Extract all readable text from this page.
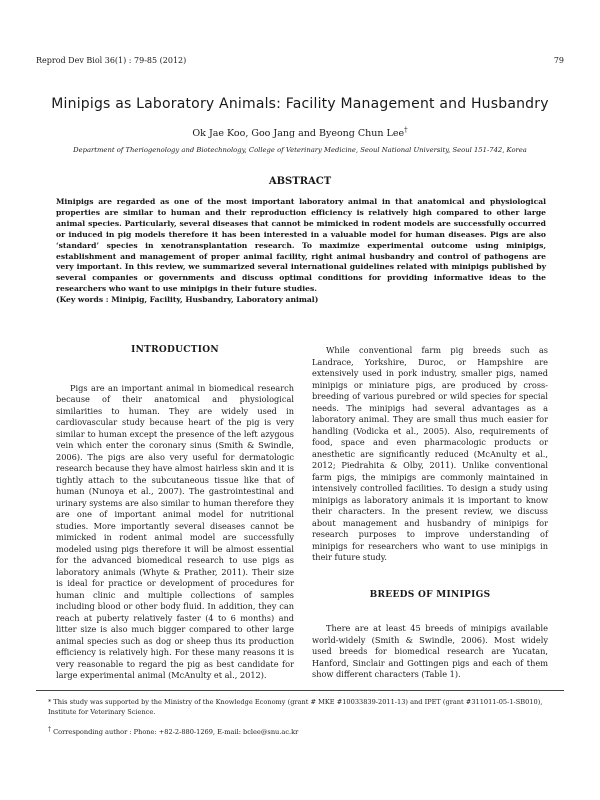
Reprod Dev Biol 36(1) : 79-85 (2012)	79
Minipigs as Laboratory Animals: Facility Management and Husbandry
Ok Jae Koo, Goo Jang and Byeong Chun Lee†
Department of Theriogenology and Biotechnology, College of Veterinary Medicine, Seoul National University, Seoul 151-742, Korea
ABSTRACT
Minipigs are regarded as one of the most important laboratory animal in that anatomical and physiological properties are similar to human and their reproduction efficiency is relatively high compared to other large animal species. Particularly, several diseases that cannot be mimicked in rodent models are successfully occurred or induced in pig models therefore it has been interested in a valuable model for human diseases. Pigs are also ‘standard’ species in xenotransplantation research. To maximize experimental outcome using minipigs, establishment and management of proper animal facility, right animal husbandry and control of pathogens are very important. In this review, we summarized several international guidelines related with minipigs published by several companies or governments and discuss optimal conditions for providing informative ideas to the researchers who want to use minipigs in their future studies.
(Key words : Minipig, Facility, Husbandry, Laboratory animal)
INTRODUCTION

Pigs are an important animal in biomedical research because of their anatomical and physiological similarities to human. They are widely used in cardiovascular study because heart of the pig is very similar to human except the presence of the left azygous vein which enter the coronary sinus (Smith & Swindle, 2006). The pigs are also very useful for dermatologic research because they have almost hairless skin and it is tightly attach to the subcutaneous tissue like that of human (Nunoya et al., 2007). The gastrointestinal and urinary systems are also similar to human therefore they are one of important animal model for nutritional studies. More importantly several diseases cannot be mimicked in rodent animal model are successfully modeled using pigs therefore it will be almost essential for the advanced biomedical research to use pigs as laboratory animals (Whyte & Prather, 2011). Their size is ideal for practice or development of procedures for human clinic and multiple collections of samples including blood or other body fluid. In addition, they can reach at puberty relatively faster (4 to 6 months) and litter size is also much bigger compared to other large animal species such as dog or sheep thus its production efficiency is relatively high. For these many reasons it is very reasonable to regard the pig as best candidate for large experimental animal (McAnulty et al., 2012).

While conventional farm pig breeds such as Landrace, Yorkshire, Duroc, or Hampshire are extensively used in pork industry, smaller pigs, named minipigs or miniature pigs, are produced by cross-breeding of various purebred or wild species for special needs. The minipigs had several advantages as a laboratory animal. They are small thus much easier for handling (Vodicka et al., 2005). Also, requirements of food, space and even pharmacologic products or anesthetic are significantly reduced (McAnulty et al., 2012; Piedrahita & Olby, 2011). Unlike conventional farm pigs, the minipigs are commonly maintained in intensively controlled facilities. To design a study using minipigs as laboratory animals it is important to know their characters. In the present review, we discuss about management and husbandry of minipigs for research purposes to improve understanding of minipigs for researchers who want to use minipigs in their future study.

BREEDS OF MINIPIGS

There are at least 45 breeds of minipigs available world-widely (Smith & Swindle, 2006). Most widely used breeds for biomedical research are Yucatan, Hanford, Sinclair and Gottingen pigs and each of them show different characters (Table 1).

* This study was supported by the Ministry of the Knowledge Economy (grant # MKE #10033839-2011-13) and IPET (grant #311011-05-1-SB010), Institute for Veterinary Science.
† Corresponding author : Phone: +82-2-880-1269, E-mail: bclee@snu.ac.kr
